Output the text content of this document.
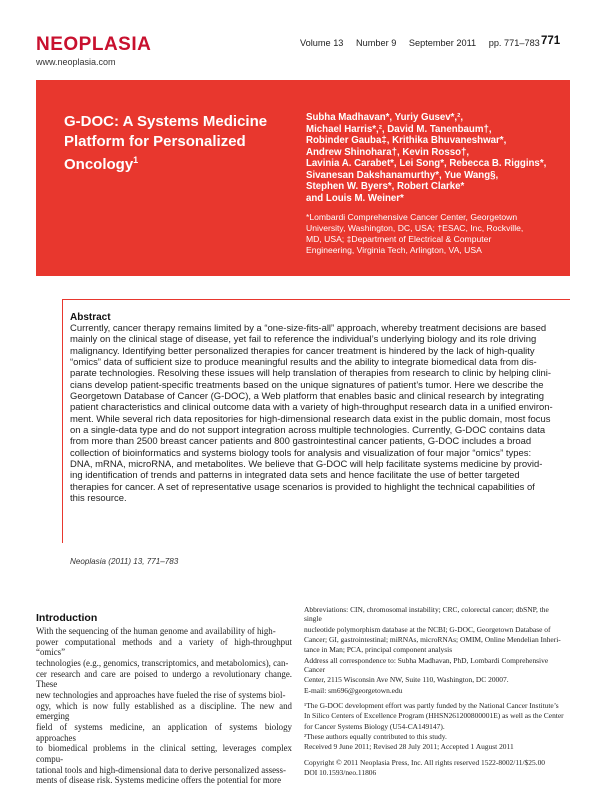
NEOPLASIA
www.neoplasia.com
Volume 13 Number 9 September 2011 pp. 771–783 771
G-DOC: A Systems Medicine Platform for Personalized Oncology$^1$
Subha Madhavan*, Yuriy Gusev*,²,
Michael Harris*,², David M. Tanenbaum†,
Robinder Gauba‡, Krithika Bhuvaneshwar*,
Andrew Shinohara†, Kevin Rosso†,
Lavinia A. Carabet*, Lei Song*, Rebecca B. Riggins*,
Sivanesan Dakshanamurthy*, Yue Wang§,
Stephen W. Byers*, Robert Clarke*
and Louis M. Weiner*
*Lombardi Comprehensive Cancer Center, Georgetown
University, Washington, DC, USA; †ESAC, Inc, Rockville,
MD, USA; ‡Department of Electrical & Computer
Engineering, Virginia Tech, Arlington, VA, USA
Abstract
Currently, cancer therapy remains limited by a “one-size-fits-all” approach, whereby treatment decisions are based
mainly on the clinical stage of disease, yet fail to reference the individual’s underlying biology and its role driving
malignancy. Identifying better personalized therapies for cancer treatment is hindered by the lack of high-quality
“omics” data of sufficient size to produce meaningful results and the ability to integrate biomedical data from dis-
parate technologies. Resolving these issues will help translation of therapies from research to clinic by helping clini-
cians develop patient-specific treatments based on the unique signatures of patient’s tumor. Here we describe the
Georgetown Database of Cancer (G-DOC), a Web platform that enables basic and clinical research by integrating
patient characteristics and clinical outcome data with a variety of high-throughput research data in a unified environ-
ment. While several rich data repositories for high-dimensional research data exist in the public domain, most focus
on a single-data type and do not support integration across multiple technologies. Currently, G-DOC contains data
from more than 2500 breast cancer patients and 800 gastrointestinal cancer patients, G-DOC includes a broad
collection of bioinformatics and systems biology tools for analysis and visualization of four major “omics” types:
DNA, mRNA, microRNA, and metabolites. We believe that G-DOC will help facilitate systems medicine by provid-
ing identification of trends and patterns in integrated data sets and hence facilitate the use of better targeted
therapies for cancer. A set of representative usage scenarios is provided to highlight the technical capabilities of
this resource.
Neoplasia (2011) 13, 771–783
Introduction
With the sequencing of the human genome and availability of high-
power computational methods and a variety of high-throughput “omics”
technologies (e.g., genomics, transcriptomics, and metabolomics), can-
cer research and care are poised to undergo a revolutionary change. These
new technologies and approaches have fueled the rise of systems biol-
ogy, which is now fully established as a discipline. The new and emerging
field of systems medicine, an application of systems biology approaches
to biomedical problems in the clinical setting, leverages complex compu-
tational tools and high-dimensional data to derive personalized assess-
ments of disease risk. Systems medicine offers the potential for more

Abbreviations: CIN, chromosomal instability; CRC, colorectal cancer; dbSNP, the single

nucleotide polymorphism database at the NCBI; G-DOC, Georgetown Database of

Cancer; GI, gastrointestinal; miRNAs, microRNAs; OMIM, Online Mendelian Inheri-

tance in Man; PCA, principal component analysis

Address all correspondence to: Subha Madhavan, PhD, Lombardi Comprehensive Cancer

Center, 2115 Wisconsin Ave NW, Suite 110, Washington, DC 20007.

E-mail: sm696@georgetown.edu

¹The G-DOC development effort was partly funded by the National Cancer Institute’s

In Silico Centers of Excellence Program (HHSN261200800001E) as well as the Center

for Cancer Systems Biology (U54-CA149147).

²These authors equally contributed to this study.

Received 9 June 2011; Revised 28 July 2011; Accepted 1 August 2011

Copyright © 2011 Neoplasia Press, Inc. All rights reserved 1522-8002/11/$25.00

DOI 10.1593/neo.11806
